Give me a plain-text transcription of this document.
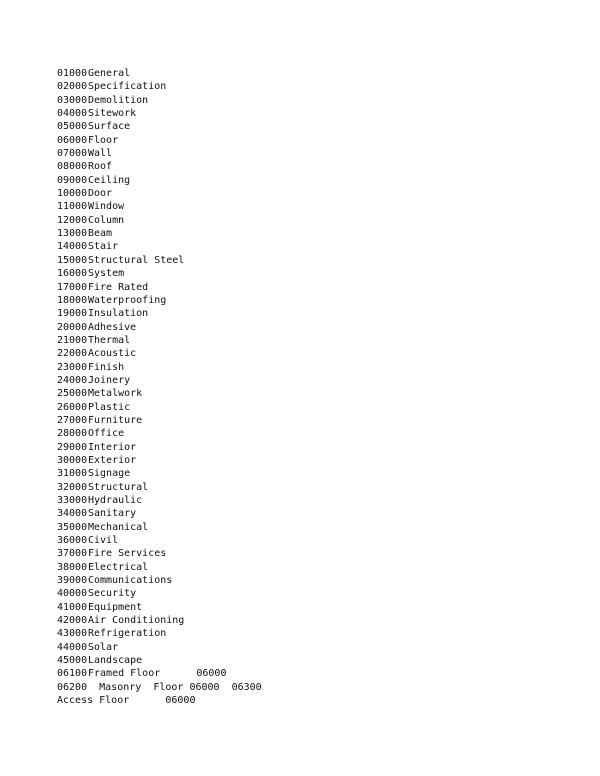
01000General
02000Specification
03000Demolition
04000Sitework
05000Surface
06000Floor
07000Wall
08000Roof
09000Ceiling
10000Door
11000Window
12000Column
13000Beam
14000Stair
15000Structural Steel
16000System
17000Fire Rated
18000Waterproofing
19000Insulation
20000Adhesive
21000Thermal
22000Acoustic
23000Finish
24000Joinery
25000Metalwork
26000Plastic
27000Furniture
28000Office
29000Interior
30000Exterior
31000Signage
32000Structural
33000Hydraulic
34000Sanitary
35000Mechanical
36000Civil
37000Fire Services
38000Electrical
39000Communications
40000Security
41000Equipment
42000Air Conditioning
43000Refrigeration
44000Solar
45000Landscape
06100Framed Floor      06000
06200  Masonry  Floor 06000  06300
Access Floor      06000
